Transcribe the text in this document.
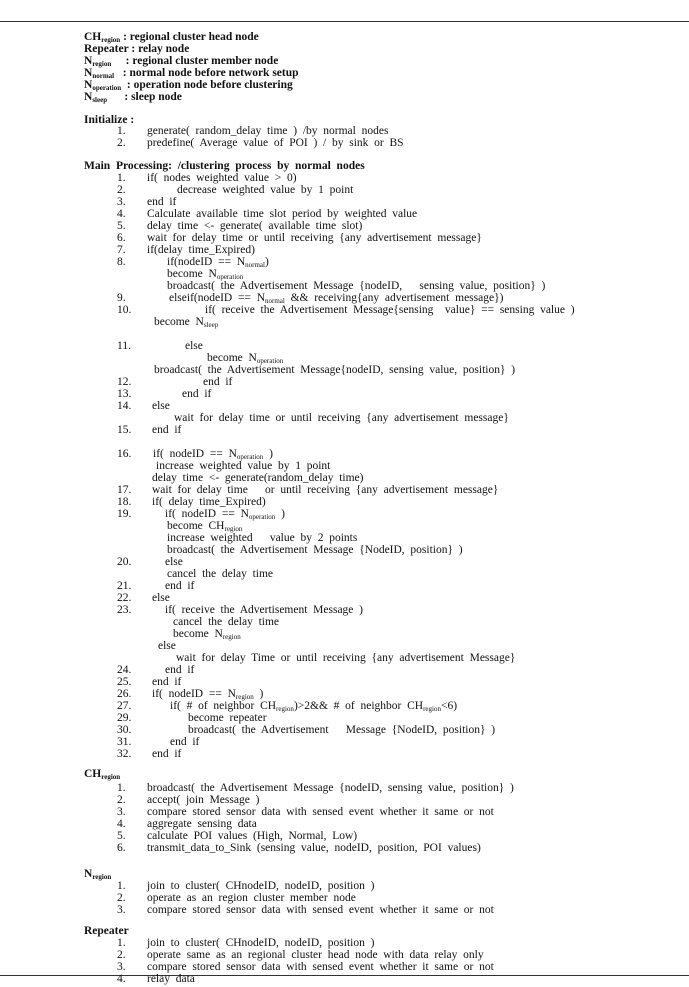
$CH_{region}$ : regional cluster head node
Repeater : relay node
$N_{region}$     : regional cluster member node
$N_{normal}$   : normal node before network setup
$N_{operation}$  : operation node before clustering
$N_{sleep}$      : sleep node
Initialize :
1. generate(  random_delay  time  )  /by  normal  nodes
2. predefine(  Average  value  of  POI  )  /  by  sink  or  BS
Main  Processing:  /clustering  process  by  normal  nodes
1. if(  nodes  weighted  value  >  0)
2.	decrease  weighted  value  by  1  point
3. end  if
4. Calculate  available  time  slot  period  by  weighted  value
5. delay  time  <-  generate(  available  time  slot)
6. wait  for  delay  time  or  until  receiving  {any  advertisement  message}
7. if(delay  time_Expired)
8.	if(nodeID  ==  $N_{normal}$)
become  $N_{operation}$
broadcast(  the  Advertisement  Message  {nodeID,      sensing  value,  position}  )
9.	elseif(nodeID  ==  $N_{normal}$  &&  receiving{any  advertisement  message})
10.	if(  receive  the  Advertisement  Message{sensing    value}  ==  sensing  value  )
become  $N_{sleep}$
11.	else
become  $N_{operation}$
broadcast(  the  Advertisement  Message{nodeID,  sensing  value,  position}  )
12.	end  if
13.	end  if
14. else
wait  for  delay  time  or  until  receiving  {any  advertisement  message}
15. end  if
16. if(  nodeID  ==  $N_{operation}$  )
increase  weighted  value  by  1  point
delay  time  <-  generate(random_delay  time)
17. wait  for  delay  time      or  until  receiving  {any  advertisement  message}
18. if(  delay  time_Expired)
19.	if(  nodeID  ==  $N_{operation}$  )
become  $CH_{region}$
increase  weighted      value  by  2  points
broadcast(  the  Advertisement  Message  {NodeID,  position}  )
20.	else
cancel  the  delay  time
21.	end  if
22. else
23.	if(  receive  the  Advertisement  Message  )
cancel  the  delay  time
become  $N_{region}$
else
wait  for  delay  Time  or  until  receiving  {any  advertisement  Message}
24.	end  if
25. end  if
26. if(  nodeID  ==  $N_{region}$  )
27.	if(  #  of  neighbor  $CH_{region})>2\&\&$  #  of  neighbor  $CH_{region}<6$)
29.	become  repeater
30.	broadcast(  the  Advertisement      Message  {NodeID,  position}  )
31.	end  if
32. end  if
$CH_{region}$
1. broadcast(  the  Advertisement  Message  {nodeID,  sensing  value,  position}  )
2. accept(  join  Message  )
3. compare  stored  sensor  data  with  sensed  event  whether  it  same  or  not
4. aggregate  sensing  data
5. calculate  POI  values  (High,  Normal,  Low)
6. transmit_data_to_Sink  (sensing  value,  nodeID,  position,  POI  values)
$N_{region}$
1. join  to  cluster(  CHnodeID,  nodeID,  position  )
2. operate  as  an  region  cluster  member  node
3. compare  stored  sensor  data  with  sensed  event  whether  it  same  or  not
Repeater
1. join  to  cluster(  CHnodeID,  nodeID,  position  )
2. operate  same  as  an  regional  cluster  head  node  with  data  relay  only
3. compare  stored  sensor  data  with  sensed  event  whether  it  same  or  not
4. relay  data
